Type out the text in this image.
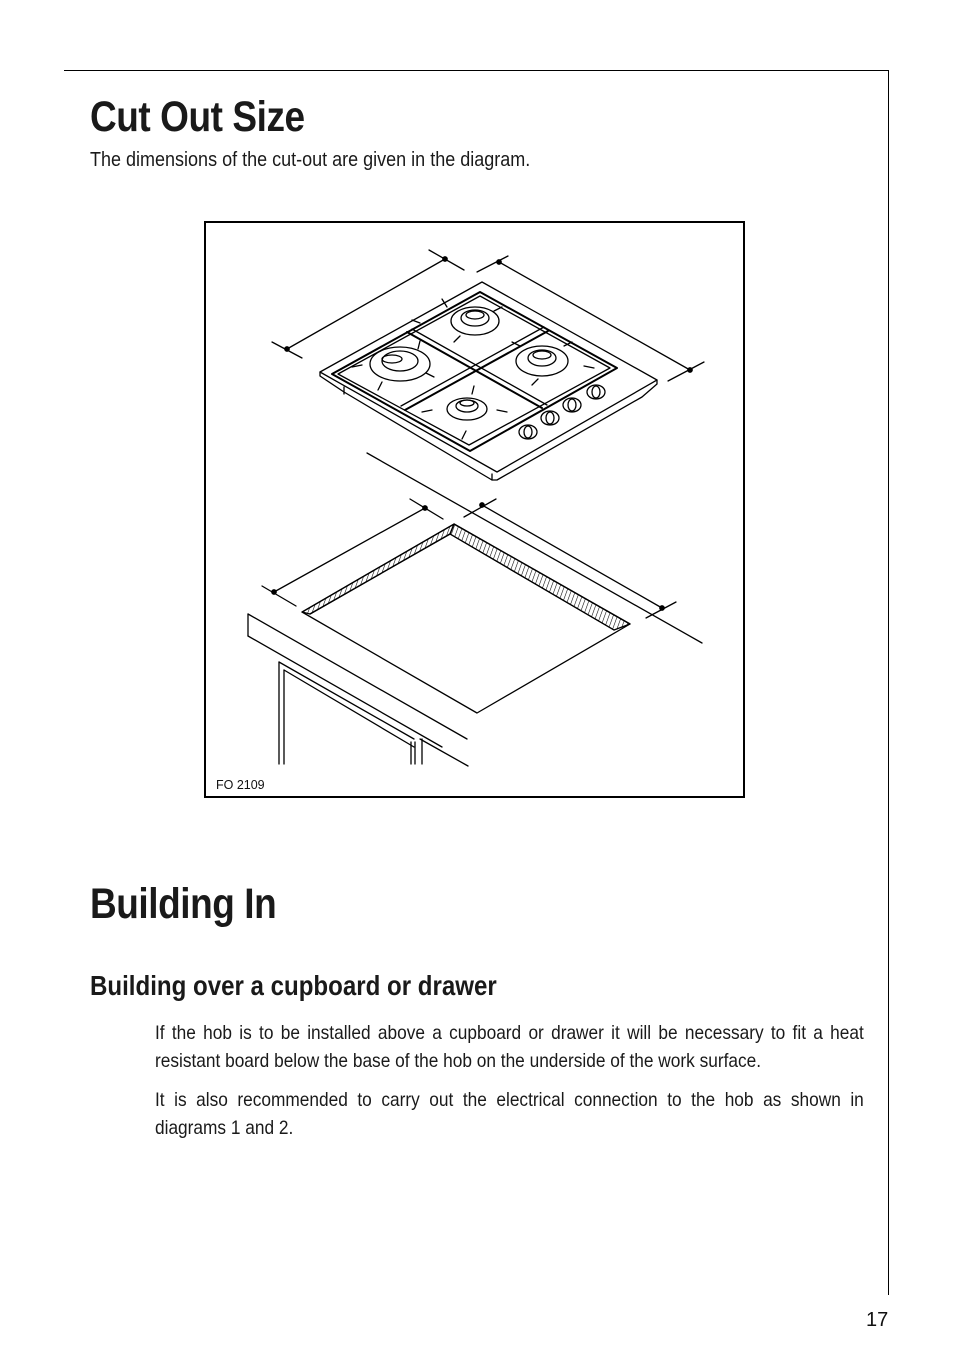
Cut Out Size
The dimensions of the cut-out are given in the diagram.
FO 2109
Building In
Building over a cupboard or drawer

If the hob is to be installed above a cupboard or drawer it will be necessary to fit a heat resistant board below the base of the hob on the underside of the work surface.

It is also recommended to carry out the electrical connection to the hob as shown in diagrams 1 and 2.

17
